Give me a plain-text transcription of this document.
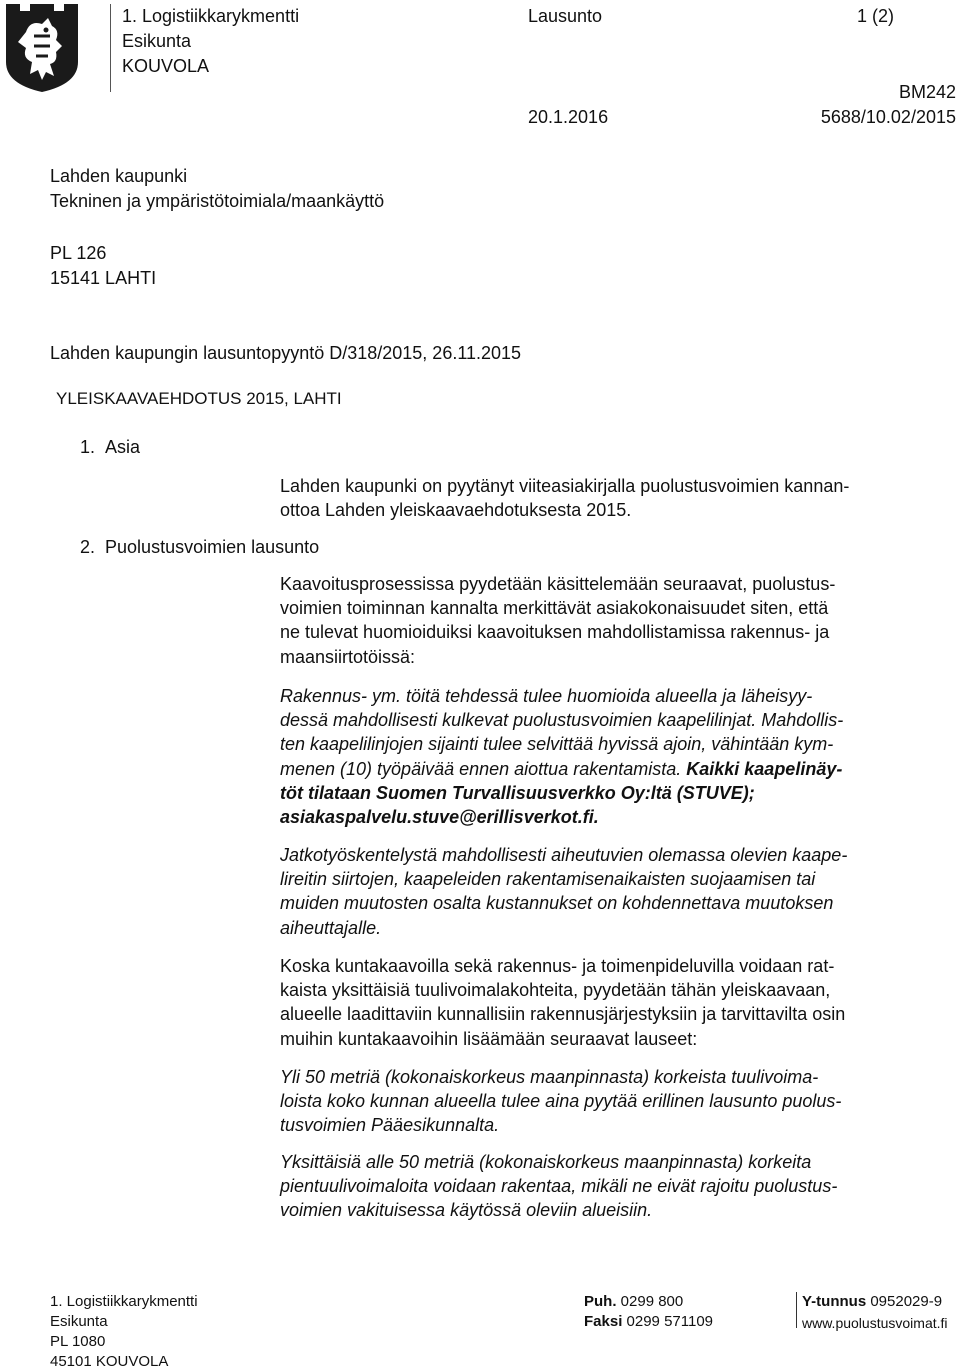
1. Logistiikkarykmentti
Esikunta
KOUVOLA
Lausunto	1 (2)
BM242
20.1.2016	5688/10.02/2015
Lahden kaupunki
Tekninen ja ympäristötoimiala/maankäyttö
PL 126
15141 LAHTI
Lahden kaupungin lausuntopyyntö D/318/2015, 26.11.2015
YLEISKAAVAEHDOTUS 2015, LAHTI
1. Asia
2. Puolustusvoimien lausunto
Lahden kaupunki on pyytänyt viiteasiakirjalla puolustusvoimien kannan-
ottoa Lahden yleiskaavaehdotuksesta 2015.
Kaavoitusprosessissa pyydetään käsittelemään seuraavat, puolustus-
voimien toiminnan kannalta merkittävät asiakokonaisuudet siten, että
ne tulevat huomioiduiksi kaavoituksen mahdollistamissa rakennus- ja
maansiirtotöissä:
Rakennus- ym. töitä tehdessä tulee huomioida alueella ja läheisyy-
dessä mahdollisesti kulkevat puolustusvoimien kaapelilinjat. Mahdollis-
ten kaapelilinjojen sijainti tulee selvittää hyvissä ajoin, vähintään kym-
menen (10) työpäivää ennen aiottua rakentamista. Kaikki kaapelinäy-
töt tilataan Suomen Turvallisuusverkko Oy:ltä (STUVE);
asiakaspalvelu.stuve@erillisverkot.fi.
Jatkotyöskentelystä mahdollisesti aiheutuvien olemassa olevien kaape-
lireitin siirtojen, kaapeleiden rakentamisenaikaisten suojaamisen tai
muiden muutosten osalta kustannukset on kohdennettava muutoksen
aiheuttajalle.
Koska kuntakaavoilla sekä rakennus- ja toimenpideluvilla voidaan rat-
kaista yksittäisiä tuulivoimalakohteita, pyydetään tähän yleiskaavaan,
alueelle laadittaviin kunnallisiin rakennusjärjestyksiin ja tarvittavilta osin
muihin kuntakaavoihin lisäämään seuraavat lauseet:
Yli 50 metriä (kokonaiskorkeus maanpinnasta) korkeista tuulivoima-
loista koko kunnan alueella tulee aina pyytää erillinen lausunto puolus-
tusvoimien Pääesikunnalta.
Yksittäisiä alle 50 metriä (kokonaiskorkeus maanpinnasta) korkeita
pientuulivoimaloita voidaan rakentaa, mikäli ne eivät rajoitu puolustus-
voimien vakituisessa käytössä oleviin alueisiin.
1. Logistiikkarykmentti
Esikunta
PL 1080
45101 KOUVOLA
Puh. 0299 800
Faksi 0299 571109
Y-tunnus 0952029-9
www.puolustusvoimat.fi
